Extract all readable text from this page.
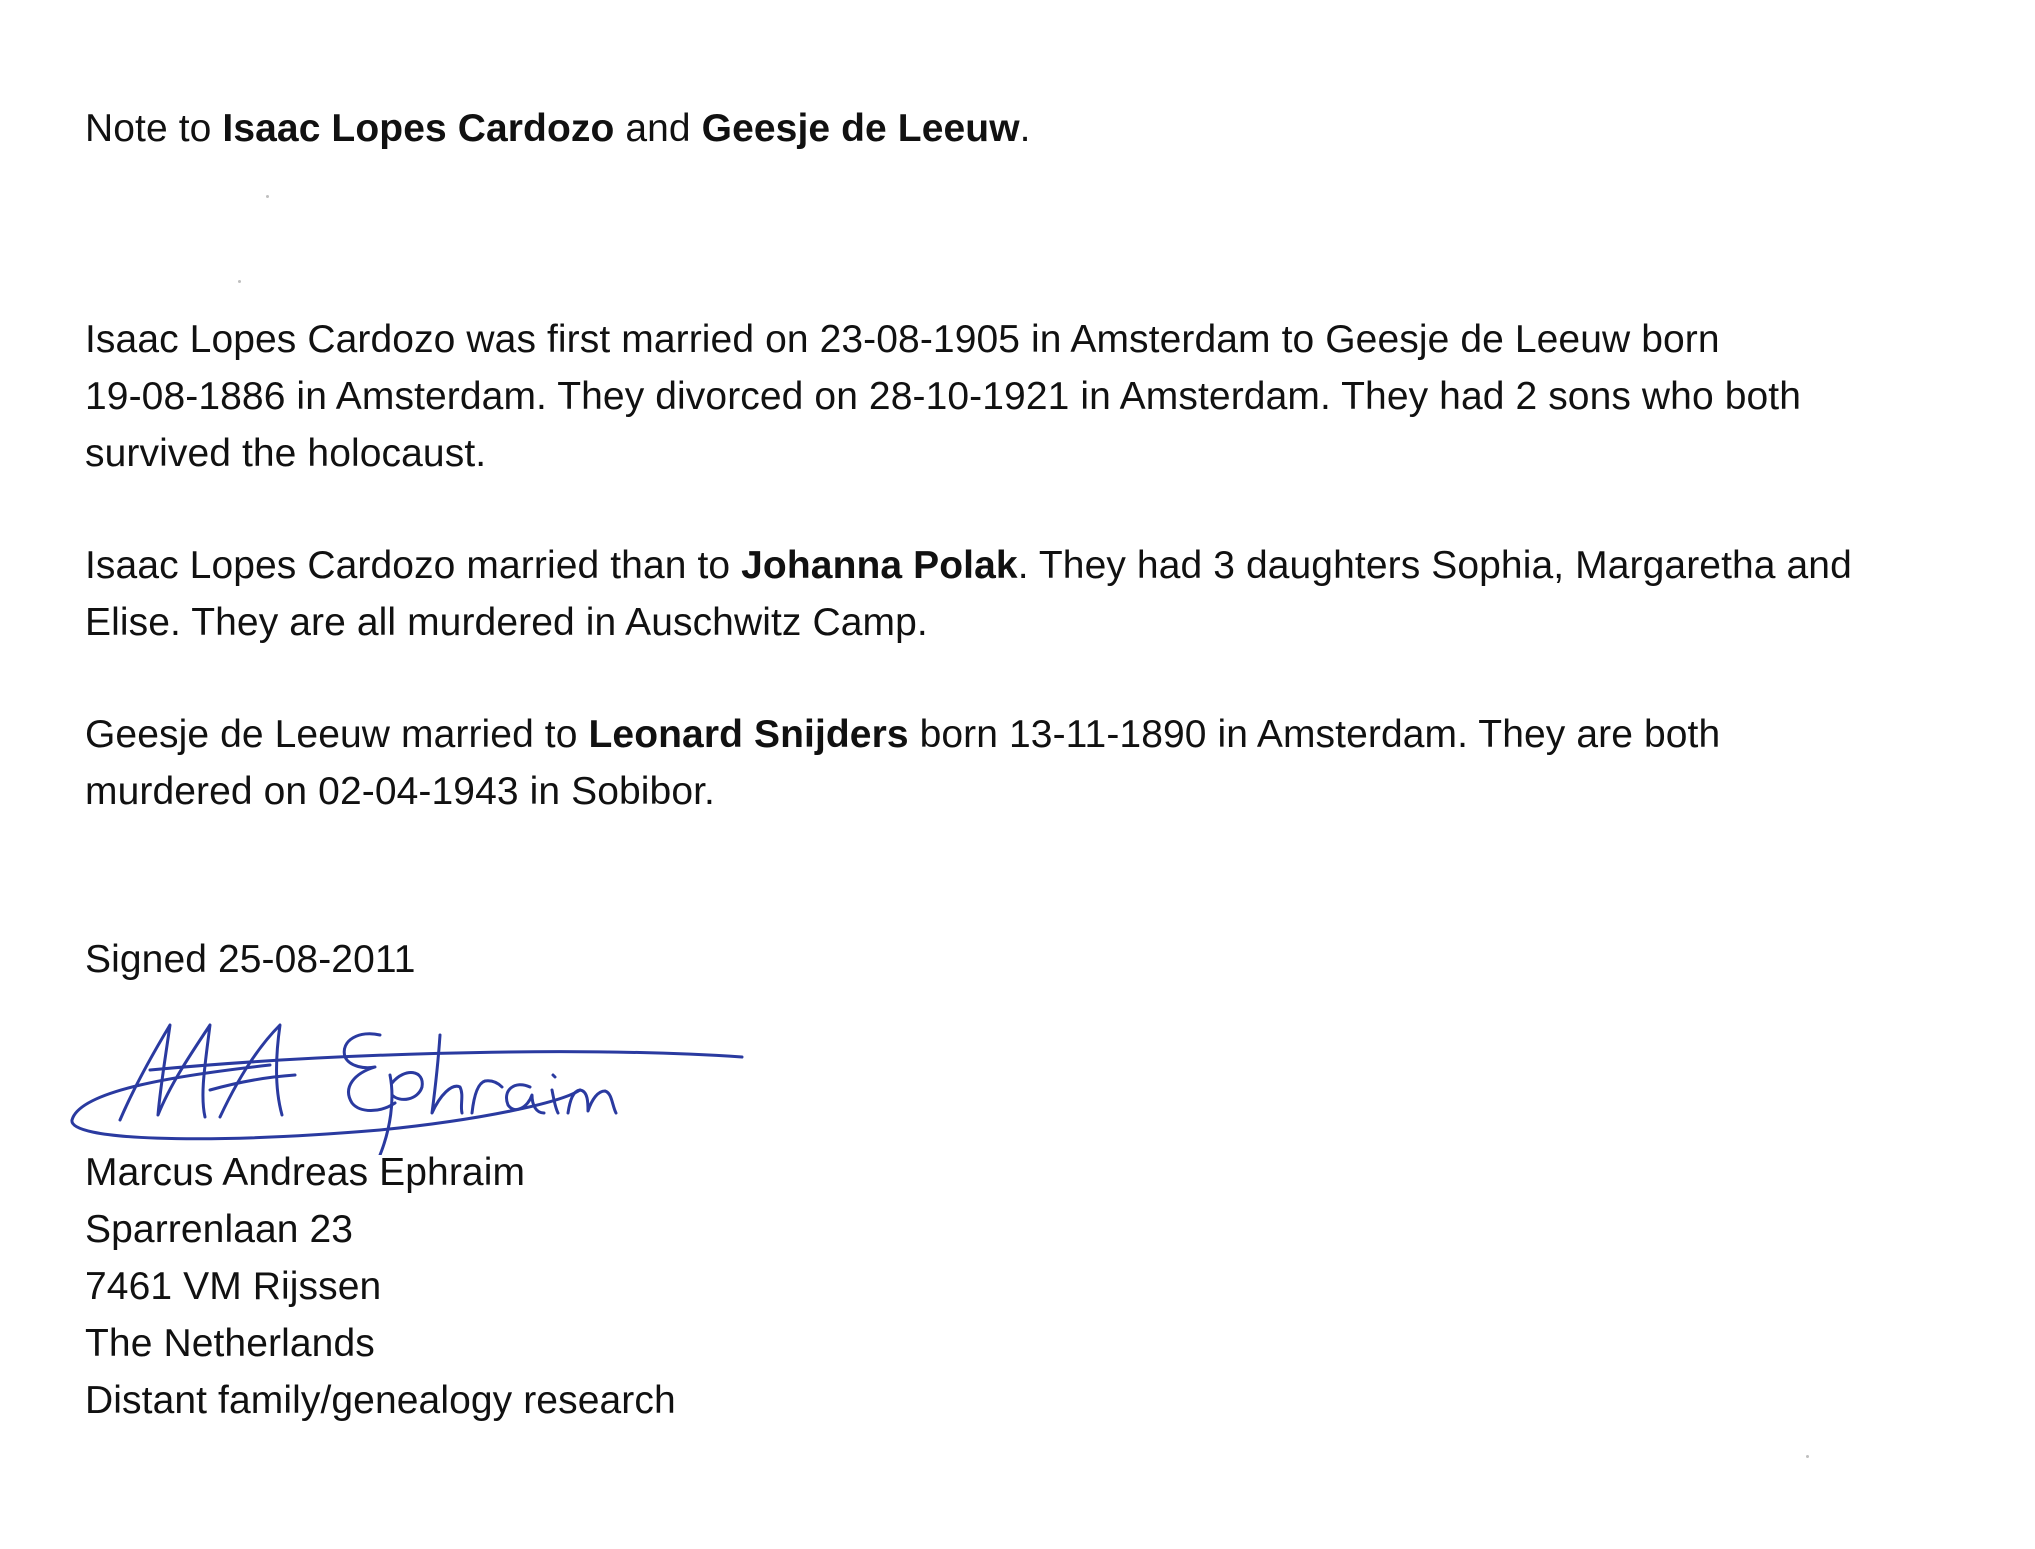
Note to Isaac Lopes Cardozo and Geesje de Leeuw.
Isaac Lopes Cardozo was first married on 23-08-1905 in Amsterdam to Geesje de Leeuw born
19-08-1886 in Amsterdam. They divorced on 28-10-1921 in Amsterdam. They had 2 sons who both
survived the holocaust.
Isaac Lopes Cardozo married than to Johanna Polak. They had 3 daughters Sophia, Margaretha and
Elise. They are all murdered in Auschwitz Camp.
Geesje de Leeuw married to Leonard Snijders born 13-11-1890 in Amsterdam. They are both
murdered on 02-04-1943 in Sobibor.
Signed 25-08-2011
Marcus Andreas Ephraim
Sparrenlaan 23
7461 VM Rijssen
The Netherlands
Distant family/genealogy research
